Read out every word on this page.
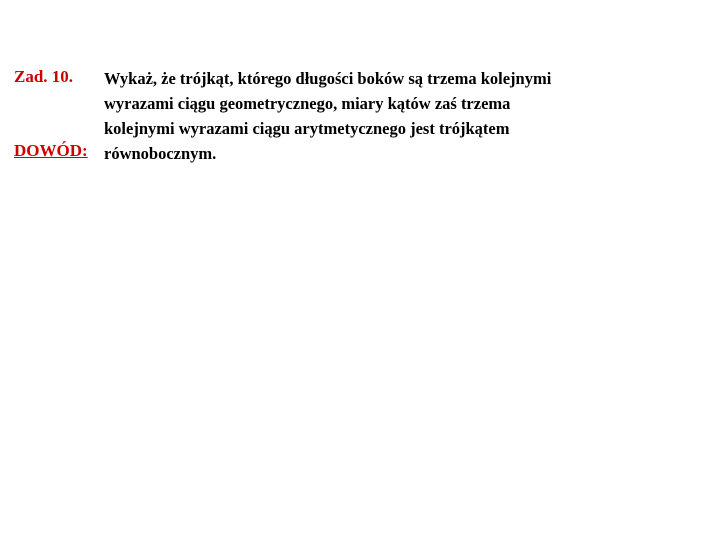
Zad. 10.
DOWÓD:
Wykaż, że trójkąt, którego długości boków są trzema kolejnymi
wyrazami ciągu geometrycznego, miary kątów zaś trzema
kolejnymi wyrazami ciągu arytmetycznego jest trójkątem
równobocznym.
